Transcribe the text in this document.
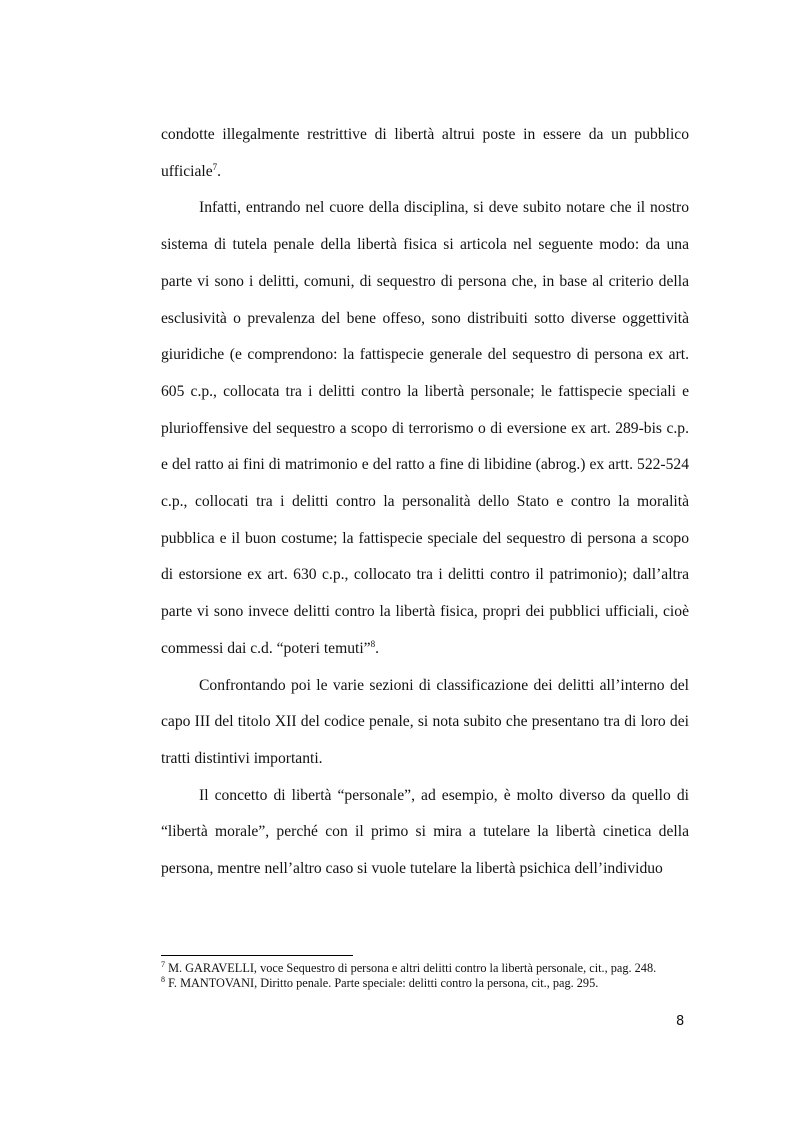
condotte illegalmente restrittive di libertà altrui poste in essere da un pubblico ufficiale$^7$.

Infatti, entrando nel cuore della disciplina, si deve subito notare che il nostro sistema di tutela penale della libertà fisica si articola nel seguente modo: da una parte vi sono i delitti, comuni, di sequestro di persona che, in base al criterio della esclusività o prevalenza del bene offeso, sono distribuiti sotto diverse oggettività giuridiche (e comprendono: la fattispecie generale del sequestro di persona ex art. 605 c.p., collocata tra i delitti contro la libertà personale; le fattispecie speciali e plurioffensive del sequestro a scopo di terrorismo o di eversione ex art. 289-bis c.p. e del ratto ai fini di matrimonio e del ratto a fine di libidine (abrog.) ex artt. 522-524 c.p., collocati tra i delitti contro la personalità dello Stato e contro la moralità pubblica e il buon costume; la fattispecie speciale del sequestro di persona a scopo di estorsione ex art. 630 c.p., collocato tra i delitti contro il patrimonio); dall’altra parte vi sono invece delitti contro la libertà fisica, propri dei pubblici ufficiali, cioè commessi dai c.d. “poteri temuti”$^8$.

Confrontando poi le varie sezioni di classificazione dei delitti all’interno del capo III del titolo XII del codice penale, si nota subito che presentano tra di loro dei tratti distintivi importanti.

Il concetto di libertà “personale”, ad esempio, è molto diverso da quello di “libertà morale”, perché con il primo si mira a tutelare la libertà cinetica della persona, mentre nell’altro caso si vuole tutelare la libertà psichica dell’individuo

$^7$ M. GARAVELLI, voce Sequestro di persona e altri delitti contro la libertà personale, cit., pag. 248.

$^8$ F. MANTOVANI, Diritto penale. Parte speciale: delitti contro la persona, cit., pag. 295.

8
